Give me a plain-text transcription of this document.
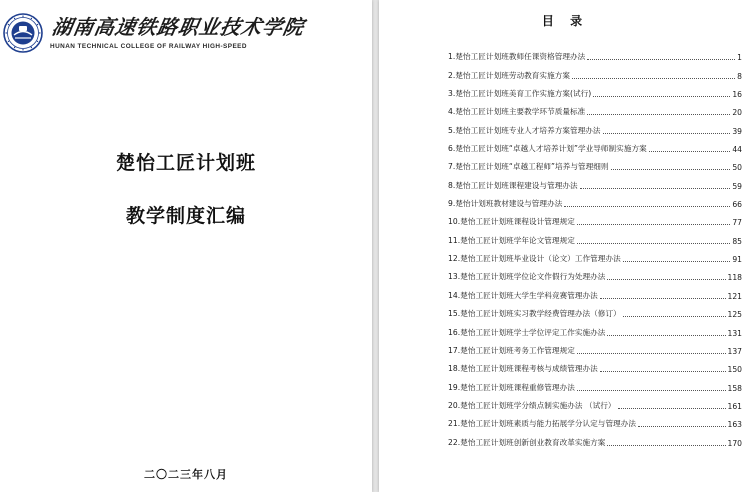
湖南高速铁路职业技术学院
HUNAN TECHNICAL COLLEGE OF RAILWAY HIGH-SPEED
楚怡工匠计划班
教学制度汇编
二〇二三年八月
目 录
1.楚怡工匠计划班教师任课资格管理办法	1
2.楚怡工匠计划班劳动教育实施方案	8
3.楚怡工匠计划班美育工作实施方案(试行)	16
4.楚怡工匠计划班主要教学环节质量标准	20
5.楚怡工匠计划班专业人才培养方案管理办法	39
6.楚怡工匠计划班“卓越人才培养计划”学业导师制实施方案	44
7.楚怡工匠计划班“卓越工程师”培养与管理细则	50
8.楚怡工匠计划班课程建设与管理办法	59
9.楚怡计划班教材建设与管理办法	66
10.楚怡工匠计划班课程设计管理规定	77
11.楚怡工匠计划班学年论文管理规定	85
12.楚怡工匠计划班毕业设计（论文）工作管理办法	91
13.楚怡工匠计划班学位论文作假行为处理办法	118
14.楚怡工匠计划班大学生学科竞赛管理办法	121
15.楚怡工匠计划班实习教学经费管理办法（修订）	125
16.楚怡工匠计划班学士学位评定工作实施办法	131
17.楚怡工匠计划班考务工作管理规定	137
18.楚怡工匠计划班课程考核与成绩管理办法	150
19.楚怡工匠计划班课程重修管理办法	158
20.楚怡工匠计划班学分绩点制实施办法 （试行）	161
21.楚怡工匠计划班素质与能力拓展学分认定与管理办法	163
22.楚怡工匠计划班创新创业教育改革实施方案	170
